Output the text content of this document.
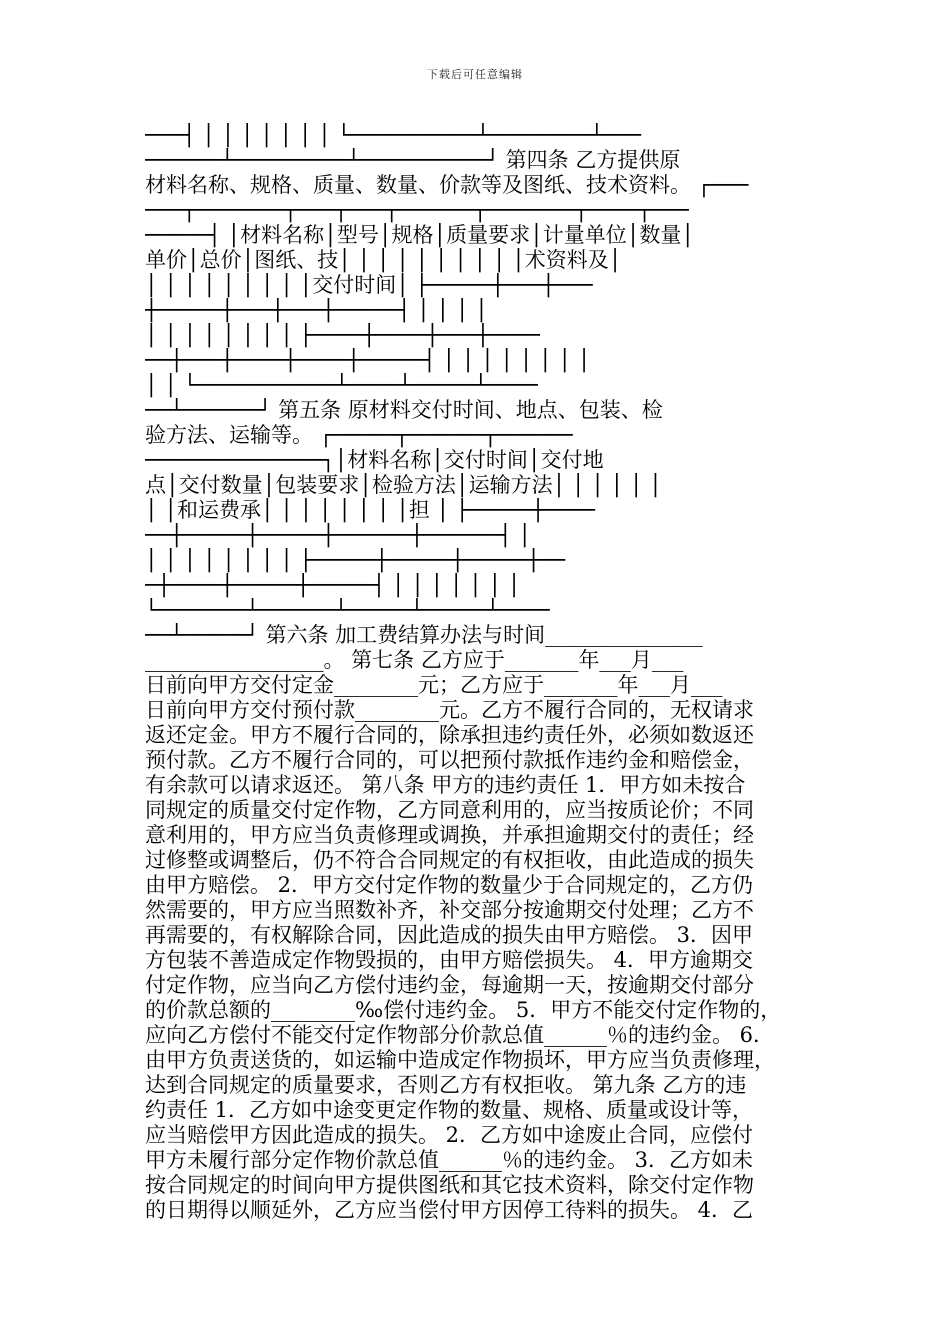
下载后可任意编辑
───┤ │ │ │ │ │ │ │ └──────────┴────────┴───
──────┴─────────┴──────────┘ 第四条 乙方提供原
材料名称、规格、质量、数量、价款等及图纸、技术资料。 ┌───
───┬───────┬───┬───┬──────┬───────┬────┬───
─────┤ │材料名称│型号│规格│质量要求│计量单位│数量│
单价│总价│图纸、技│ │ │ │ │ │ │ │ │ │术资料及│
│ │ │ │ │ │ │ │ │交付时间│ ├─────┼───┼───
┼─────┼───┼───┼─────┤ │ │ │ │
│ │ │ │ │ │ │ │ ├────┼────┼───┼────
──┼───┼────┼────┼─────┤ │ │ │ │ │ │ │ │
│ │ └───────────┴────┴─────┴────
──┴──────┘ 第五条 原材料交付时间、地点、包装、检
验方法、运输等。 ┌─────┬──────┬──────
──────────────┐│材料名称│交付时间│交付地
点│交付数量│包装要求│检验方法│运输方法│ │ │ │ │ │
│ │和运费承│ │ │ │ │ │ │ │担 │ ├─────┼────
──┼─────┼─────┼──────┼──────┤ │
│ │ │ │ │ │ │ │ ├─────┼─────┼─────┼──
─┼────┼─────┼─────┤ │ │ │ │ │ │ │
└───────┴──────┴─────┴─────┴────
──┴─────┘ 第六条 加工费结算办法与时间_______________
_________________。 第七条 乙方应于_______年___月___
日前向甲方交付定金________元；乙方应于_______年___月___
日前向甲方交付预付款________元。乙方不履行合同的，无权请求
返还定金。甲方不履行合同的，除承担违约责任外，必须如数返还
预付款。乙方不履行合同的，可以把预付款抵作违约金和赔偿金，
有余款可以请求返还。 第八条 甲方的违约责任 1．甲方如未按合
同规定的质量交付定作物，乙方同意利用的，应当按质论价；不同
意利用的，甲方应当负责修理或调换，并承担逾期交付的责任；经
过修整或调整后，仍不符合合同规定的有权拒收，由此造成的损失
由甲方赔偿。 2．甲方交付定作物的数量少于合同规定的，乙方仍
然需要的，甲方应当照数补齐，补交部分按逾期交付处理；乙方不
再需要的，有权解除合同，因此造成的损失由甲方赔偿。 3．因甲
方包装不善造成定作物毁损的，由甲方赔偿损失。 4．甲方逾期交
付定作物，应当向乙方偿付违约金，每逾期一天，按逾期交付部分
的价款总额的________‰偿付违约金。 5．甲方不能交付定作物的，
应向乙方偿付不能交付定作物部分价款总值______％的违约金。 6．
由甲方负责送货的，如运输中造成定作物损坏，甲方应当负责修理，
达到合同规定的质量要求，否则乙方有权拒收。 第九条 乙方的违
约责任 1．乙方如中途变更定作物的数量、规格、质量或设计等，
应当赔偿甲方因此造成的损失。 2．乙方如中途废止合同，应偿付
甲方未履行部分定作物价款总值______％的违约金。 3．乙方如未
按合同规定的时间向甲方提供图纸和其它技术资料，除交付定作物
的日期得以顺延外，乙方应当偿付甲方因停工待料的损失。 4．乙
